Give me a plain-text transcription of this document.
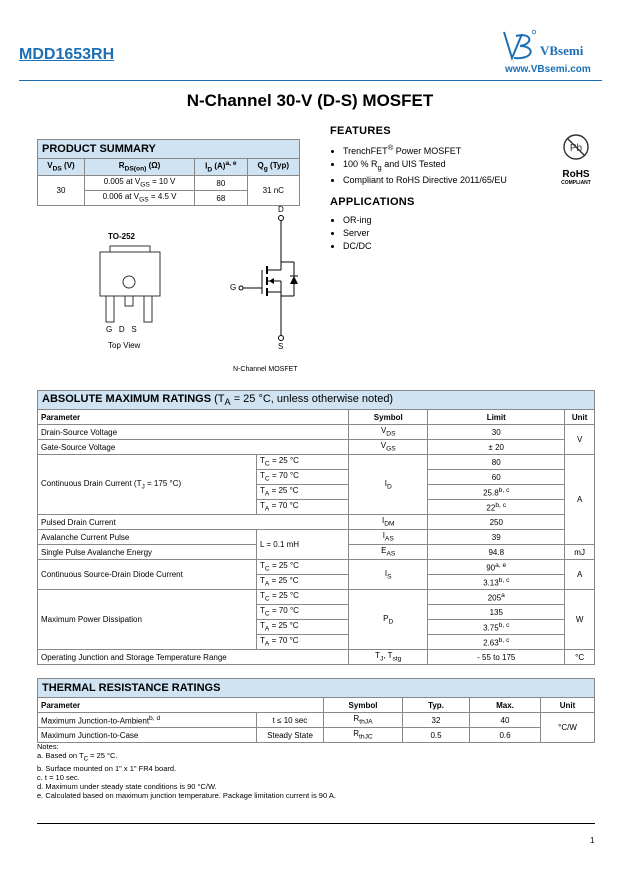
MDD1653RH	VBsemi
www.VBsemi.com
N-Channel 30-V (D-S) MOSFET
PRODUCT SUMMARY			
$V_{DS}$ (V)	$R_{DS(on)}$ (Ω)	$I_D$ $(A)^{a, e}$	$Q_g$ (Typ)
30	0.005 at $V_{GS} = 10$ V	80	31 nC
	0.006 at $V_{GS} = 4.5$ V	68	
FEATURES
• TrenchFET® Power MOSFET
• 100 % $R_g$ and UIS Tested
• Compliant to RoHS Directive 2011/65/EU
Pb
RoHS
COMPLIANT
APPLICATIONS
• OR-ing
• Server
• DC/DC
TO-252
G   D   S
Top View
D
G
S
N-Channel MOSFET
ABSOLUTE MAXIMUM RATINGS ($T_A = 25$ °C, unless otherwise noted)				
Parameter		Symbol	Limit	Unit
Drain-Source Voltage		$V_{DS}$	30	V
Gate-Source Voltage		$V_{GS}$	± 20	
Continuous Drain Current ($T_J = 175$ °C)	$T_C = 25$ °C	$I_D$	80	A
	$T_C = 70$ °C		60	
	$T_A = 25$ °C		25.8$^{b, c}$
	$T_A = 70$ °C		22$^{b, c}$
Pulsed Drain Current		$I_{DM}$	250	
Avalanche Current Pulse	L = 0.1 mH	$I_{AS}$	39	
Single Pulse Avalanche Energy		$E_{AS}$	94.8	mJ
Continuous Source-Drain Diode Current	$T_C = 25$ °C	$I_S$	90$^{a, e}$	A
	$T_A = 25$ °C		3.13$^{b, c}$
Maximum Power Dissipation	$T_C = 25$ °C	$P_D$	205$^a$	W
	$T_C = 70$ °C		135	
	$T_A = 25$ °C		3.75$^{b, c}$
	$T_A = 70$ °C		2.63$^{b, c}$
Operating Junction and Storage Temperature Range		$T_J$, $T_{stg}$	- 55 to 175	°C
THERMAL RESISTANCE RATINGS					
Parameter		Symbol	Typ.	Max.	Unit
Maximum Junction-to-Ambient$^{b, d}$	t ≤ 10 sec	$R_{thJA}$	32	40	°C/W
Maximum Junction-to-Case	Steady State	$R_{thJC}$	0.5	0.6	
Notes:
a. Based on $T_C = 25$ °C.
b. Surface mounted on 1" x 1" FR4 board.
c. t = 10 sec.
d. Maximum under steady state conditions is 90 °C/W.
e. Calculated based on maximum junction temperature. Package limitation current is 90 A.
1
